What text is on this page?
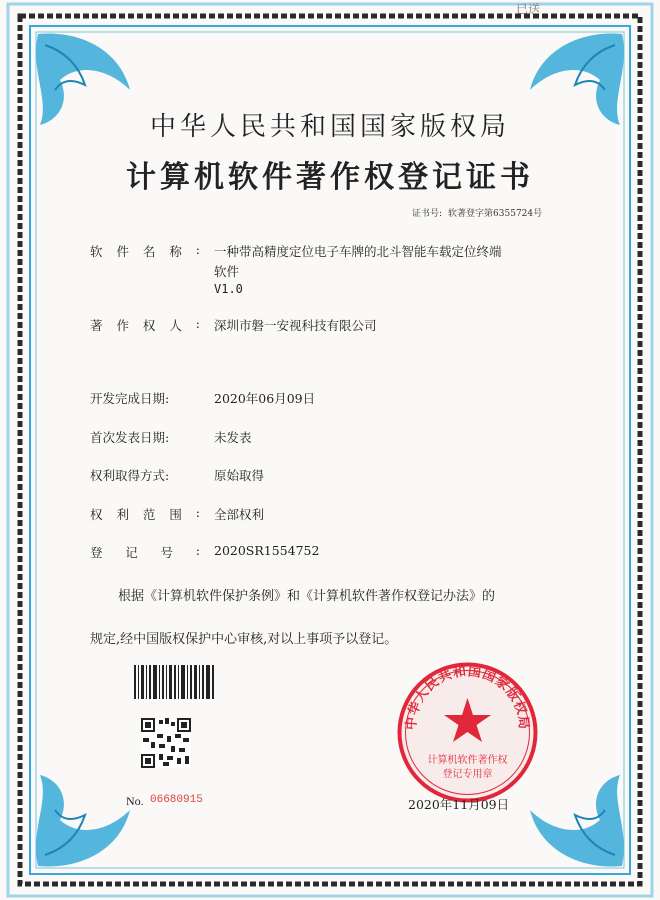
已送
中华人民共和国国家版权局
计算机软件著作权登记证书
证书号: 软著登字第6355724号
软 件 名 称 : 一种带高精度定位电子车牌的北斗智能车载定位终端
软件
V1.0
著 作 权 人 : 深圳市磐一安视科技有限公司
开发完成日期:	2020年06月09日
首次发表日期:	未发表
权利取得方式:	原始取得
权 利 范 围 : 全部权利
登 记 号 : 2020SR1554752
根据《计算机软件保护条例》和《计算机软件著作权登记办法》的
规定,经中国版权保护中心审核,对以上事项予以登记。
No. 06680915
中华人民共和国国家版权局
计算机软件著作权
登记专用章
2020年11月09日
